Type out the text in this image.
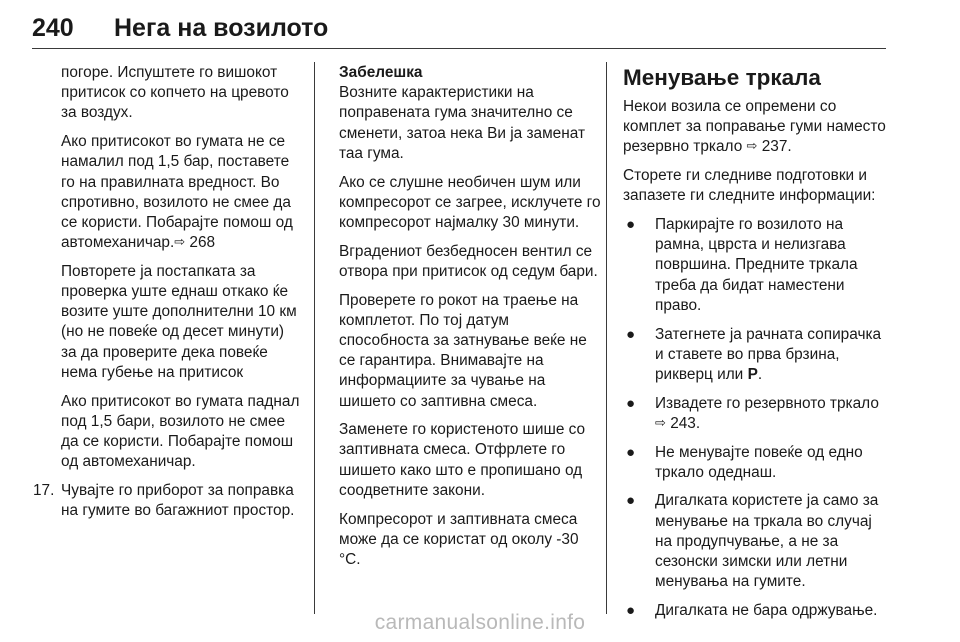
240 Нега на возилото

погоре. Испуштете го вишокот притисок со копчето на цревото за воздух.

Ако притисокот во гумата не се намалил под 1,5 бар, поставете го на правилната вредност. Во спротивно, возилото не смее да се користи. Побарајте помош од автомеханичар.⇨ 268

Повторете ја постапката за проверка уште еднаш откако ќе возите уште дополнителни 10 км (но не повеќе од десет минути) за да проверите дека повеќе нема губење на притисок

Ако притисокот во гумата паднал под 1,5 бари, возилото не смее да се користи. Побарајте помош од автомеханичар.

17. Чувајте го приборот за поправка на гумите во багажниот простор.

Забелешка
Возните карактеристики на поправената гума значително се сменети, затоа нека Ви ја заменат таа гума.

Ако се слушне необичен шум или компресорот се загрее, исклучете го компресорот најмалку 30 минути.

Вградениот безбедносен вентил се отвора при притисок од седум бари.

Проверете го рокот на траење на комплетот. По тој датум способноста за затнување веќе не се гарантира. Внимавајте на информациите за чување на шишето со заптивна смеса.

Заменете го користеното шише со заптивната смеса. Отфрлете го шишето како што е пропишано од соодветните закони.

Компресорот и заптивната смеса може да се користат од околу -30 °C.

Менување тркала

Некои возила се опремени со комплет за поправање гуми наместо резервно тркало ⇨ 237.

Сторете ги следниве подготовки и запазете ги следните информации:

● Паркирајте го возилото на рамна, цврста и нелизгава површина. Предните тркала треба да бидат наместени право.
● Затегнете ја рачната сопирачка и ставете во прва брзина, рикверц или P.
● Извадете го резервното тркало
⇨ 243.
● Не менувајте повеќе од едно тркало одеднаш.
● Дигалката користете ја само за менување на тркала во случај на продупчување, а не за сезонски зимски или летни менувања на гумите.
● Дигалката не бара одржување.
carmanualsonline.info
